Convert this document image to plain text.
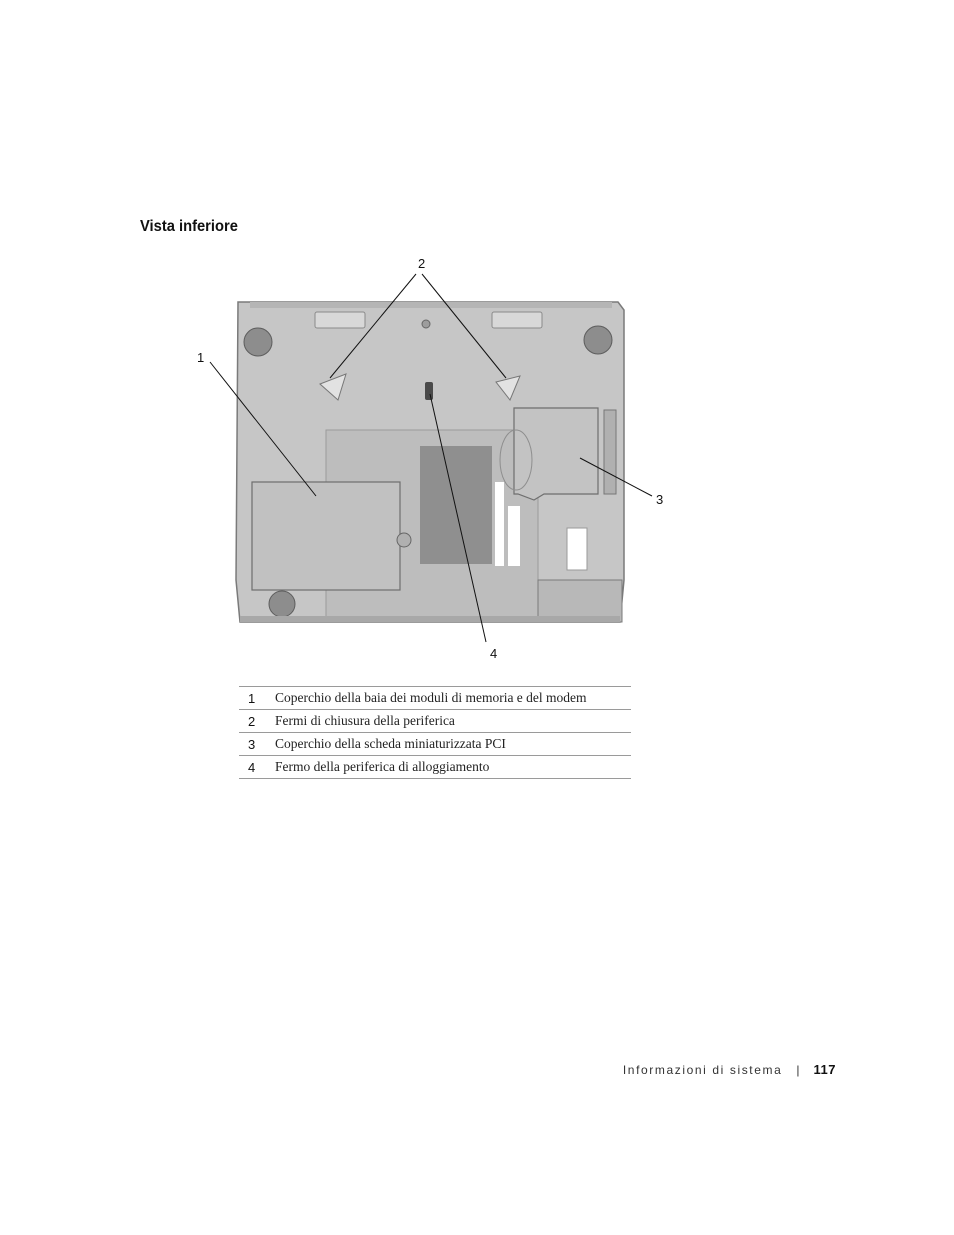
Vista inferiore
1
2
3
4
1	Coperchio della baia dei moduli di memoria e del modem
2	Fermi di chiusura della periferica
3	Coperchio della scheda miniaturizzata PCI
4	Fermo della periferica di alloggiamento
Informazioni di sistema | 117
